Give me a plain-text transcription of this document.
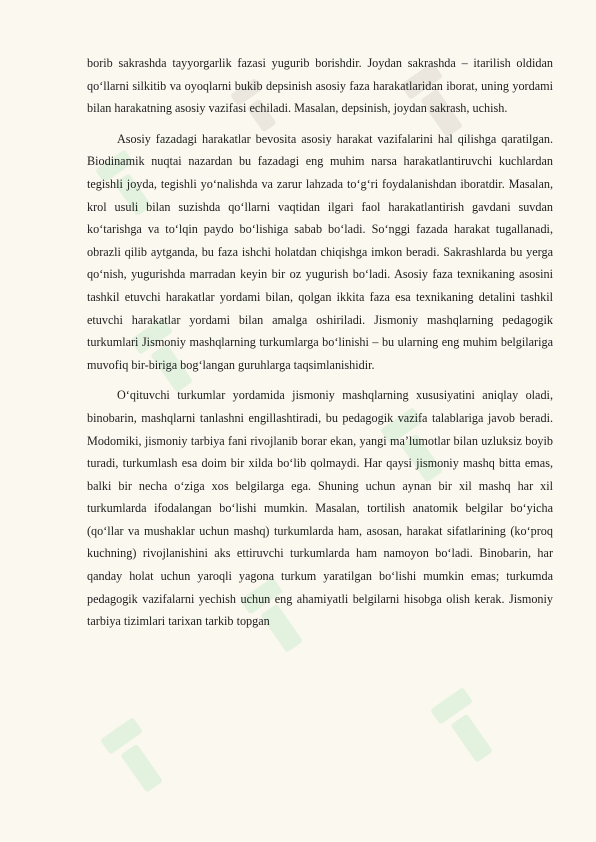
borib sakrashda tayyorgarlik fazasi yugurib borishdir. Joydan sakrashda – itarilish oldidan qo‘llarni silkitib va oyoqlarni bukib depsinish asosiy faza harakatlaridan iborat, uning yordami bilan harakatning asosiy vazifasi echiladi. Masalan, depsinish, joydan sakrash, uchish.

Asosiy fazadagi harakatlar bevosita asosiy harakat vazifalarini hal qilishga qaratilgan. Biodinamik nuqtai nazardan bu fazadagi eng muhim narsa harakatlantiruvchi kuchlardan tegishli joyda, tegishli yo‘nalishda va zarur lahzada to‘g‘ri foydalanishdan iboratdir. Masalan, krol usuli bilan suzishda qo‘llarni vaqtidan ilgari faol harakatlantirish gavdani suvdan ko‘tarishga va to‘lqin paydo bo‘lishiga sabab bo‘ladi. So‘nggi fazada harakat tugallanadi, obrazli qilib aytganda, bu faza ishchi holatdan chiqishga imkon beradi. Sakrashlarda bu yerga qo‘nish, yugurishda marradan keyin bir oz yugurish bo‘ladi. Asosiy faza texnikaning asosini tashkil etuvchi harakatlar yordami bilan, qolgan ikkita faza esa texnikaning detalini tashkil etuvchi harakatlar yordami bilan amalga oshiriladi. Jismoniy mashqlarning pedagogik turkumlari Jismoniy mashqlarning turkumlarga bo‘linishi – bu ularning eng muhim belgilariga muvofiq bir-biriga bog‘langan guruhlarga taqsimlanishidir.

O‘qituvchi turkumlar yordamida jismoniy mashqlarning xususiyatini aniqlay oladi, binobarin, mashqlarni tanlashni engillashtiradi, bu pedagogik vazifa talablariga javob beradi. Modomiki, jismoniy tarbiya fani rivojlanib borar ekan, yangi ma’lumotlar bilan uzluksiz boyib turadi, turkumlash esa doim bir xilda bo‘lib qolmaydi. Har qaysi jismoniy mashq bitta emas, balki bir necha o‘ziga xos belgilarga ega. Shuning uchun aynan bir xil mashq har xil turkumlarda ifodalangan bo‘lishi mumkin. Masalan, tortilish anatomik belgilar bo‘yicha (qo‘llar va mushaklar uchun mashq) turkumlarda ham, asosan, harakat sifatlarining (ko‘proq kuchning) rivojlanishini aks ettiruvchi turkumlarda ham namoyon bo‘ladi. Binobarin, har qanday holat uchun yaroqli yagona turkum yaratilgan bo‘lishi mumkin emas; turkumda pedagogik vazifalarni yechish uchun eng ahamiyatli belgilarni hisobga olish kerak. Jismoniy tarbiya tizimlari tarixan tarkib topgan
